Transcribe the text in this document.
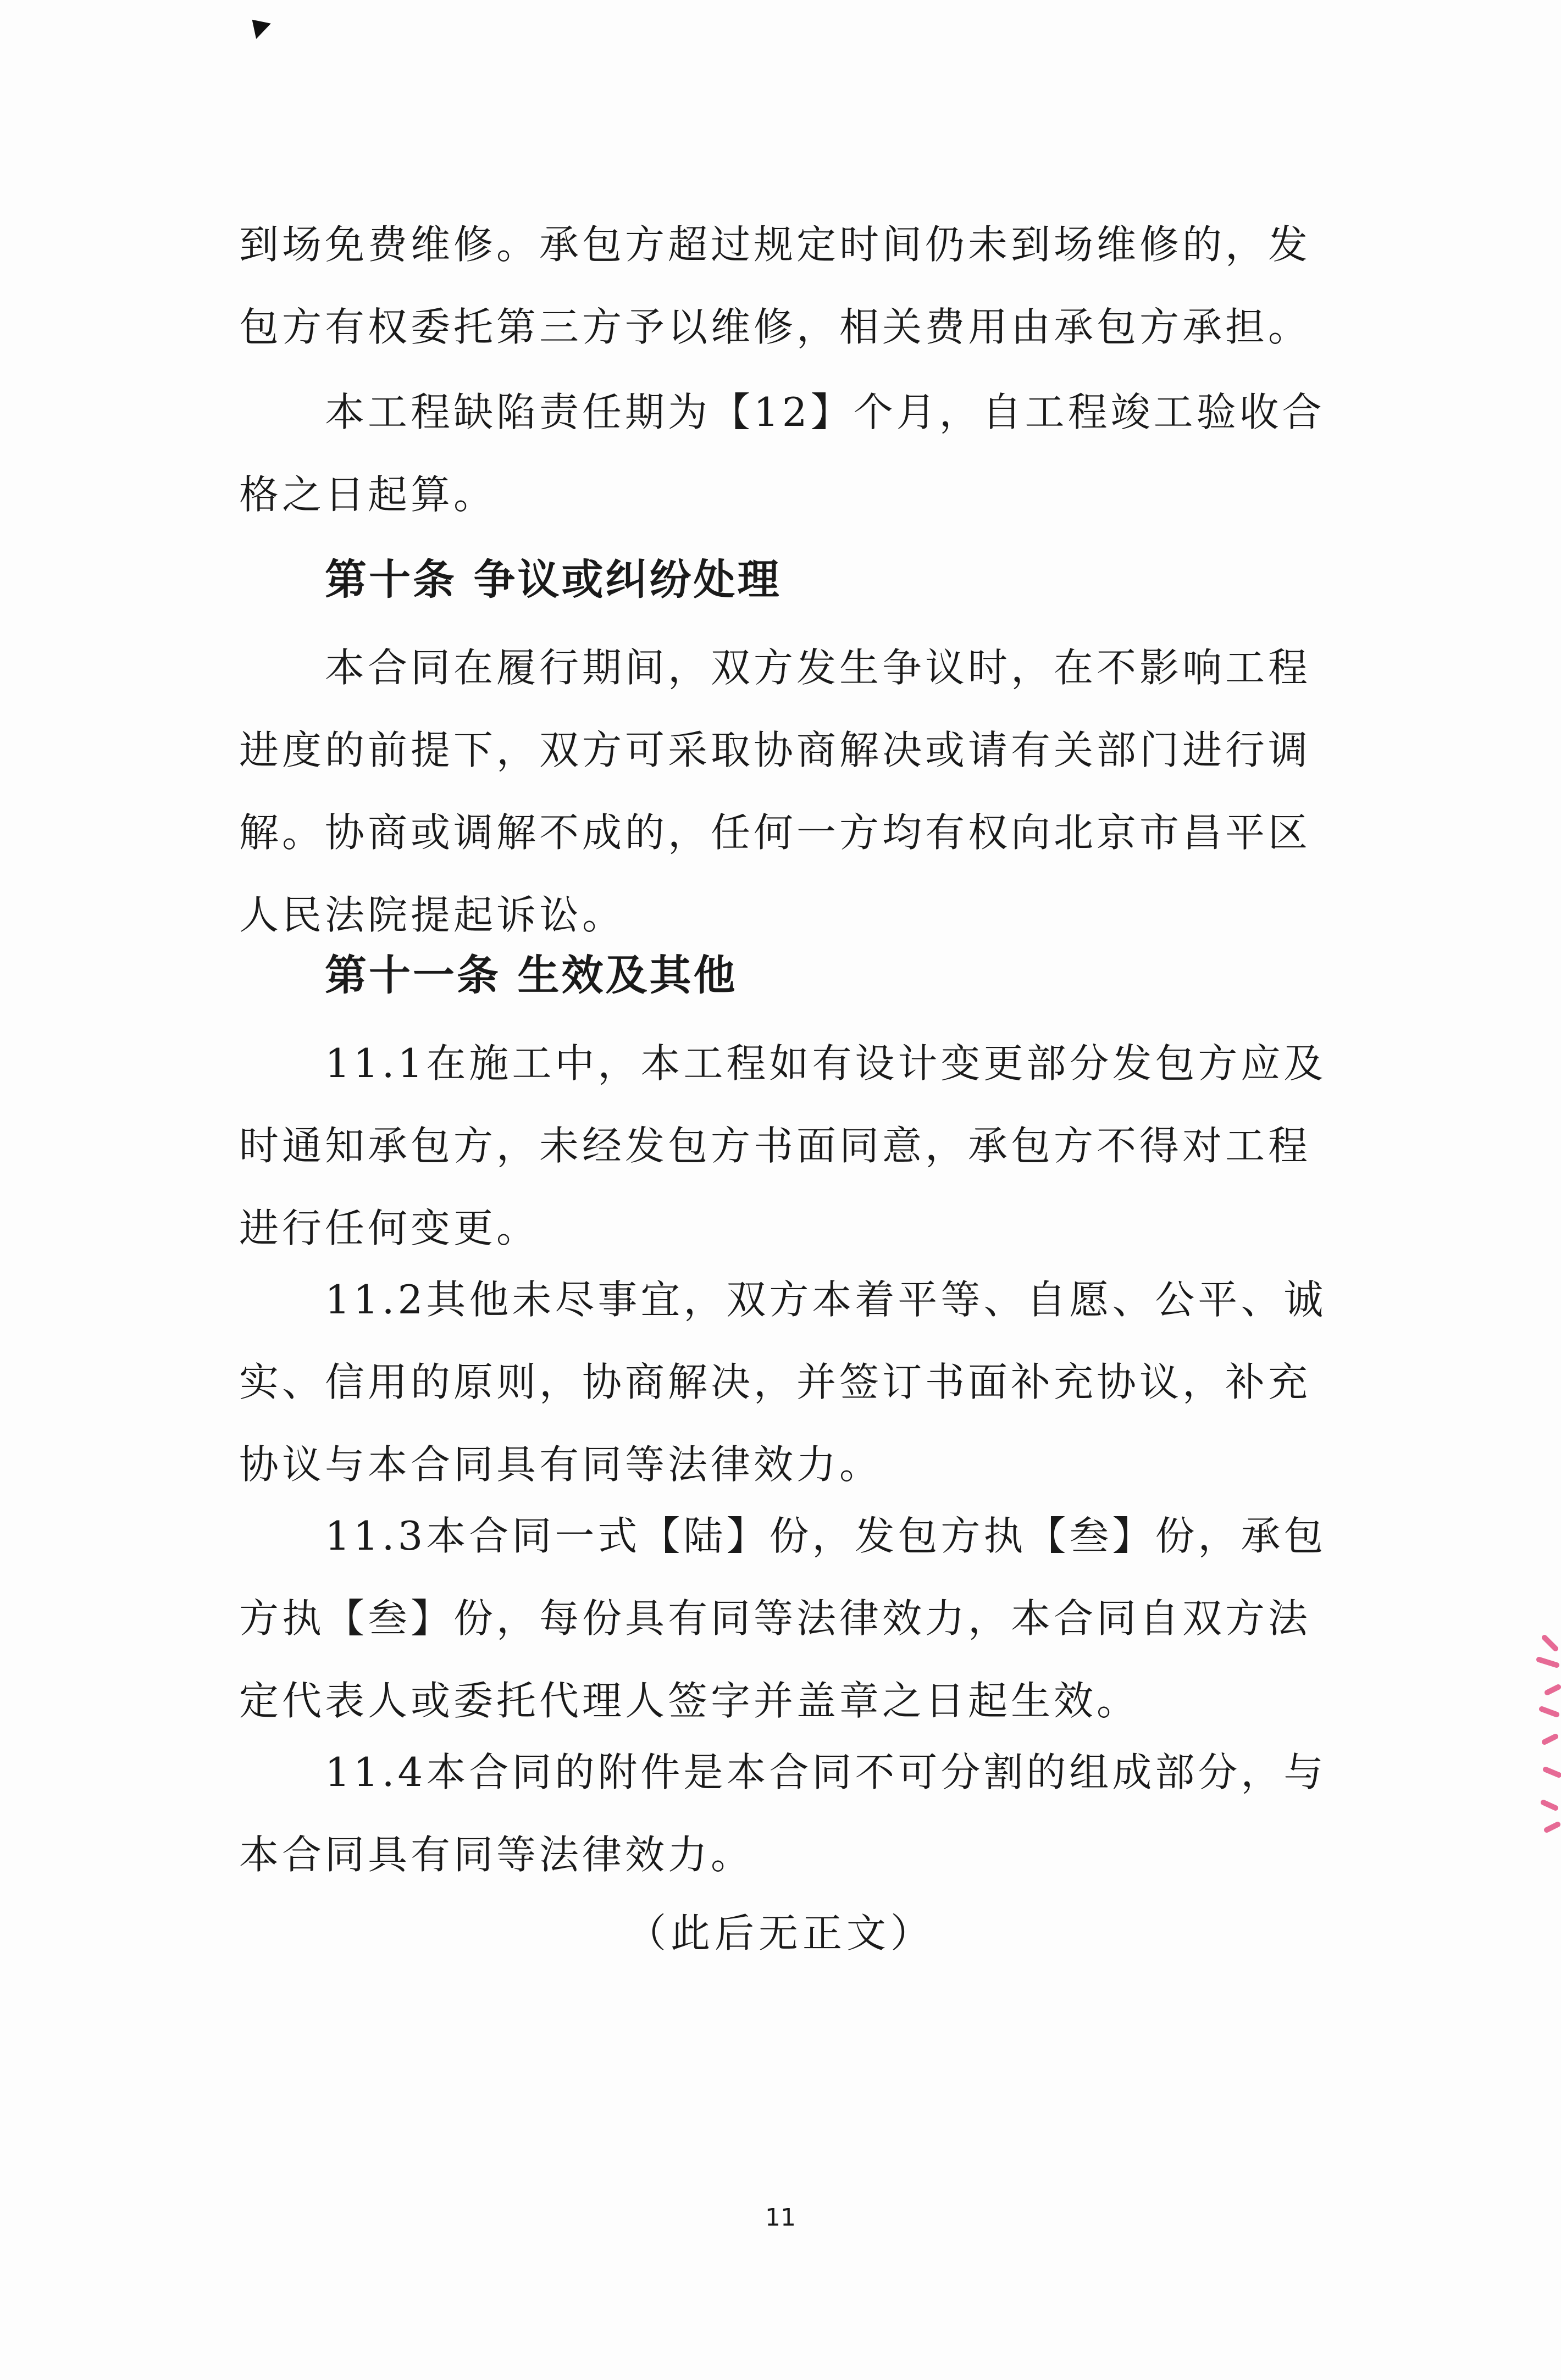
到场免费维修。承包方超过规定时间仍未到场维修的，发包方有权委托第三方予以维修，相关费用由承包方承担。

本工程缺陷责任期为【12】个月，自工程竣工验收合格之日起算。

第十条 争议或纠纷处理

本合同在履行期间，双方发生争议时，在不影响工程进度的前提下，双方可采取协商解决或请有关部门进行调解。协商或调解不成的，任何一方均有权向北京市昌平区人民法院提起诉讼。

第十一条 生效及其他

11.1在施工中，本工程如有设计变更部分发包方应及时通知承包方，未经发包方书面同意，承包方不得对工程进行任何变更。

11.2其他未尽事宜，双方本着平等、自愿、公平、诚实、信用的原则，协商解决，并签订书面补充协议，补充协议与本合同具有同等法律效力。

11.3本合同一式【陆】份，发包方执【叁】份，承包方执【叁】份，每份具有同等法律效力，本合同自双方法定代表人或委托代理人签字并盖章之日起生效。

11.4本合同的附件是本合同不可分割的组成部分，与本合同具有同等法律效力。

（此后无正文）

11
